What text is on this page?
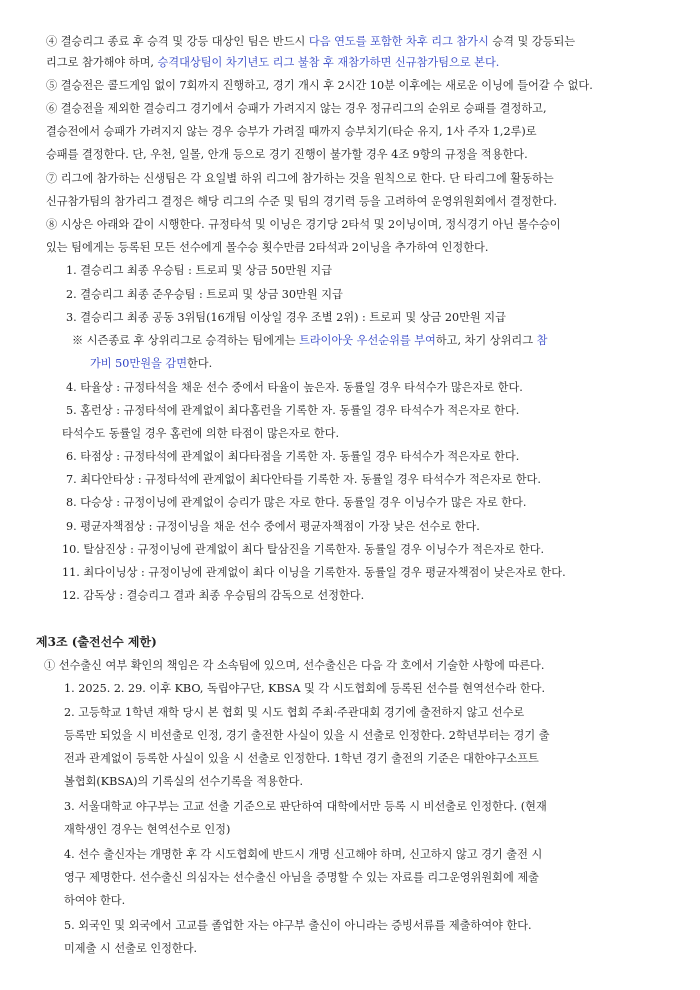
④ 결승리그 종료 후 승격 및 강등 대상인 팀은 반드시 다음 연도를 포함한 차후 리그 참가시 승격 및 강등되는
리그로 참가해야 하며, 승격대상팀이 차기년도 리그 불참 후 재참가하면 신규참가팀으로 본다.
⑤ 결승전은 콜드게임 없이 7회까지 진행하고, 경기 개시 후 2시간 10분 이후에는 새로운 이닝에 들어갈 수 없다.
⑥ 결승전을 제외한 결승리그 경기에서 승패가 가려지지 않는 경우 정규리그의 순위로 승패를 결정하고,
결승전에서 승패가 가려지지 않는 경우 승부가 가려질 때까지 승부치기(타순 유지, 1사 주자 1,2루)로
승패를 결정한다. 단, 우천, 일몰, 안개 등으로 경기 진행이 불가할 경우 4조 9항의 규정을 적용한다.
⑦ 리그에 참가하는 신생팀은 각 요일별 하위 리그에 참가하는 것을 원칙으로 한다. 단 타리그에 활동하는
신규참가팀의 참가리그 결정은 해당 리그의 수준 및 팀의 경기력 등을 고려하여 운영위원회에서 결정한다.
⑧ 시상은 아래와 같이 시행한다. 규정타석 및 이닝은 경기당 2타석 및 2이닝이며, 정식경기 아닌 몰수승이
있는 팀에게는 등록된 모든 선수에게 몰수승 횟수만큼 2타석과 2이닝을 추가하여 인정한다.
1. 결승리그 최종 우승팀 : 트로피 및 상금 50만원 지급
2. 결승리그 최종 준우승팀 : 트로피 및 상금 30만원 지급
3. 결승리그 최종 공동 3위팀(16개팀 이상일 경우 조별 2위) : 트로피 및 상금 20만원 지급
※ 시즌종료 후 상위리그로 승격하는 팀에게는 트라이아웃 우선순위를 부여하고, 차기 상위리그 참
가비 50만원을 감면한다.
4. 타율상 : 규정타석을 채운 선수 중에서 타율이 높은자. 동률일 경우 타석수가 많은자로 한다.
5. 홈런상 : 규정타석에 관계없이 최다홈런을 기록한 자. 동률일 경우 타석수가 적은자로 한다.
타석수도 동률일 경우 홈런에 의한 타점이 많은자로 한다.
6. 타점상 : 규정타석에 관계없이 최다타점을 기록한 자. 동률일 경우 타석수가 적은자로 한다.
7. 최다안타상 : 규정타석에 관계없이 최다안타를 기록한 자. 동률일 경우 타석수가 적은자로 한다.
8. 다승상 : 규정이닝에 관계없이 승리가 많은 자로 한다. 동률일 경우 이닝수가 많은 자로 한다.
9. 평균자책점상 : 규정이닝을 채운 선수 중에서 평균자책점이 가장 낮은 선수로 한다.
10. 탈삼진상 : 규정이닝에 관계없이 최다 탈삼진을 기록한자. 동률일 경우 이닝수가 적은자로 한다.
11. 최다이닝상 : 규정이닝에 관계없이 최다 이닝을 기록한자. 동률일 경우 평균자책점이 낮은자로 한다.
12. 감독상 : 결승리그 결과 최종 우승팀의 감독으로 선정한다.
제3조 (출전선수 제한)
① 선수출신 여부 확인의 책임은 각 소속팀에 있으며, 선수출신은 다음 각 호에서 기술한 사항에 따른다.
1. 2025. 2. 29. 이후 KBO, 독립야구단, KBSA 및 각 시도협회에 등록된 선수를 현역선수라 한다.
2. 고등학교 1학년 재학 당시 본 협회 및 시도 협회 주최·주관대회 경기에 출전하지 않고 선수로
등록만 되었을 시 비선출로 인정, 경기 출전한 사실이 있을 시 선출로 인정한다. 2학년부터는 경기 출
전과 관계없이 등록한 사실이 있을 시 선출로 인정한다. 1학년 경기 출전의 기준은 대한야구소프트
볼협회(KBSA)의 기록실의 선수기록을 적용한다.
3. 서울대학교 야구부는 고교 선출 기준으로 판단하여 대학에서만 등록 시 비선출로 인정한다. (현재
재학생인 경우는 현역선수로 인정)
4. 선수 출신자는 개명한 후 각 시도협회에 반드시 개명 신고해야 하며, 신고하지 않고 경기 출전 시
영구 제명한다. 선수출신 의심자는 선수출신 아님을 증명할 수 있는 자료를 리그운영위원회에 제출
하여야 한다.
5. 외국인 및 외국에서 고교를 졸업한 자는 야구부 출신이 아니라는 증빙서류를 제출하여야 한다.
미제출 시 선출로 인정한다.
